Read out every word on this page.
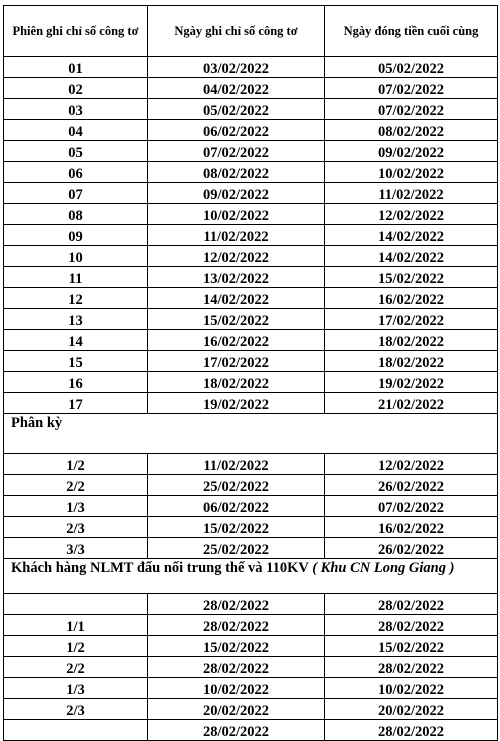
Phiên ghi chỉ số công tơ	Ngày ghi chỉ số công tơ	Ngày đóng tiền cuối cùng
01	03/02/2022	05/02/2022
02	04/02/2022	07/02/2022
03	05/02/2022	07/02/2022
04	06/02/2022	08/02/2022
05	07/02/2022	09/02/2022
06	08/02/2022	10/02/2022
07	09/02/2022	11/02/2022
08	10/02/2022	12/02/2022
09	11/02/2022	14/02/2022
10	12/02/2022	14/02/2022
11	13/02/2022	15/02/2022
12	14/02/2022	16/02/2022
13	15/02/2022	17/02/2022
14	16/02/2022	18/02/2022
15	17/02/2022	18/02/2022
16	18/02/2022	19/02/2022
17	19/02/2022	21/02/2022
Phân kỳ		
1/2	11/02/2022	12/02/2022
2/2	25/02/2022	26/02/2022
1/3	06/02/2022	07/02/2022
2/3	15/02/2022	16/02/2022
3/3	25/02/2022	26/02/2022
Khách hàng NLMT đấu nối trung thế và 110KV ( Khu CN Long Giang )		
	28/02/2022	28/02/2022
1/1	28/02/2022	28/02/2022
1/2	15/02/2022	15/02/2022
2/2	28/02/2022	28/02/2022
1/3	10/02/2022	10/02/2022
2/3	20/02/2022	20/02/2022
	28/02/2022	28/02/2022
